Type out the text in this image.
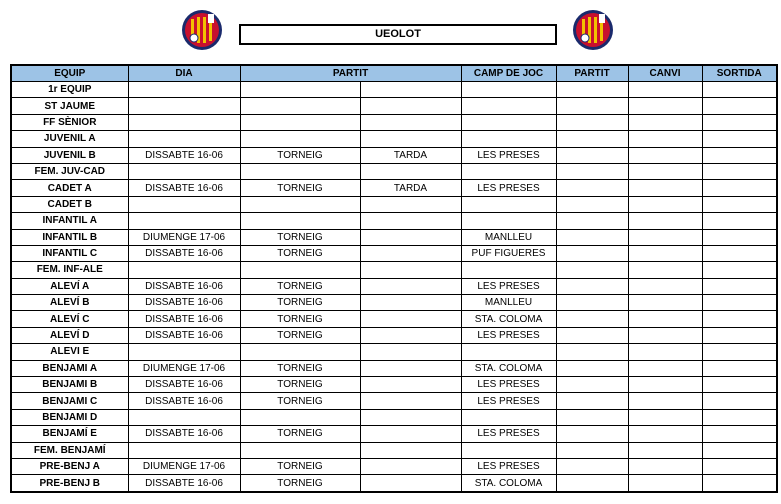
UEOLOT
EQUIP	DIA	PARTIT		CAMP DE JOC	PARTIT	CANVI	SORTIDA
1r EQUIP							
ST JAUME							
FF SÈNIOR							
JUVENIL A							
JUVENIL B	DISSABTE 16-06	TORNEIG	TARDA	LES PRESES			
FEM. JUV-CAD							
CADET A	DISSABTE 16-06	TORNEIG	TARDA	LES PRESES			
CADET B							
INFANTIL A							
INFANTIL B	DIUMENGE 17-06	TORNEIG		MANLLEU			
INFANTIL C	DISSABTE 16-06	TORNEIG		PUF FIGUERES			
FEM. INF-ALE							
ALEVÍ A	DISSABTE 16-06	TORNEIG		LES PRESES			
ALEVÍ B	DISSABTE 16-06	TORNEIG		MANLLEU			
ALEVÍ C	DISSABTE 16-06	TORNEIG		STA. COLOMA			
ALEVÍ D	DISSABTE 16-06	TORNEIG		LES PRESES			
ALEVI E							
BENJAMI A	DIUMENGE 17-06	TORNEIG		STA. COLOMA			
BENJAMI B	DISSABTE 16-06	TORNEIG		LES PRESES			
BENJAMI C	DISSABTE 16-06	TORNEIG		LES PRESES			
BENJAMI D							
BENJAMÍ E	DISSABTE 16-06	TORNEIG		LES PRESES			
FEM. BENJAMÍ							
PRE-BENJ A	DIUMENGE 17-06	TORNEIG		LES PRESES			
PRE-BENJ B	DISSABTE 16-06	TORNEIG		STA. COLOMA			
